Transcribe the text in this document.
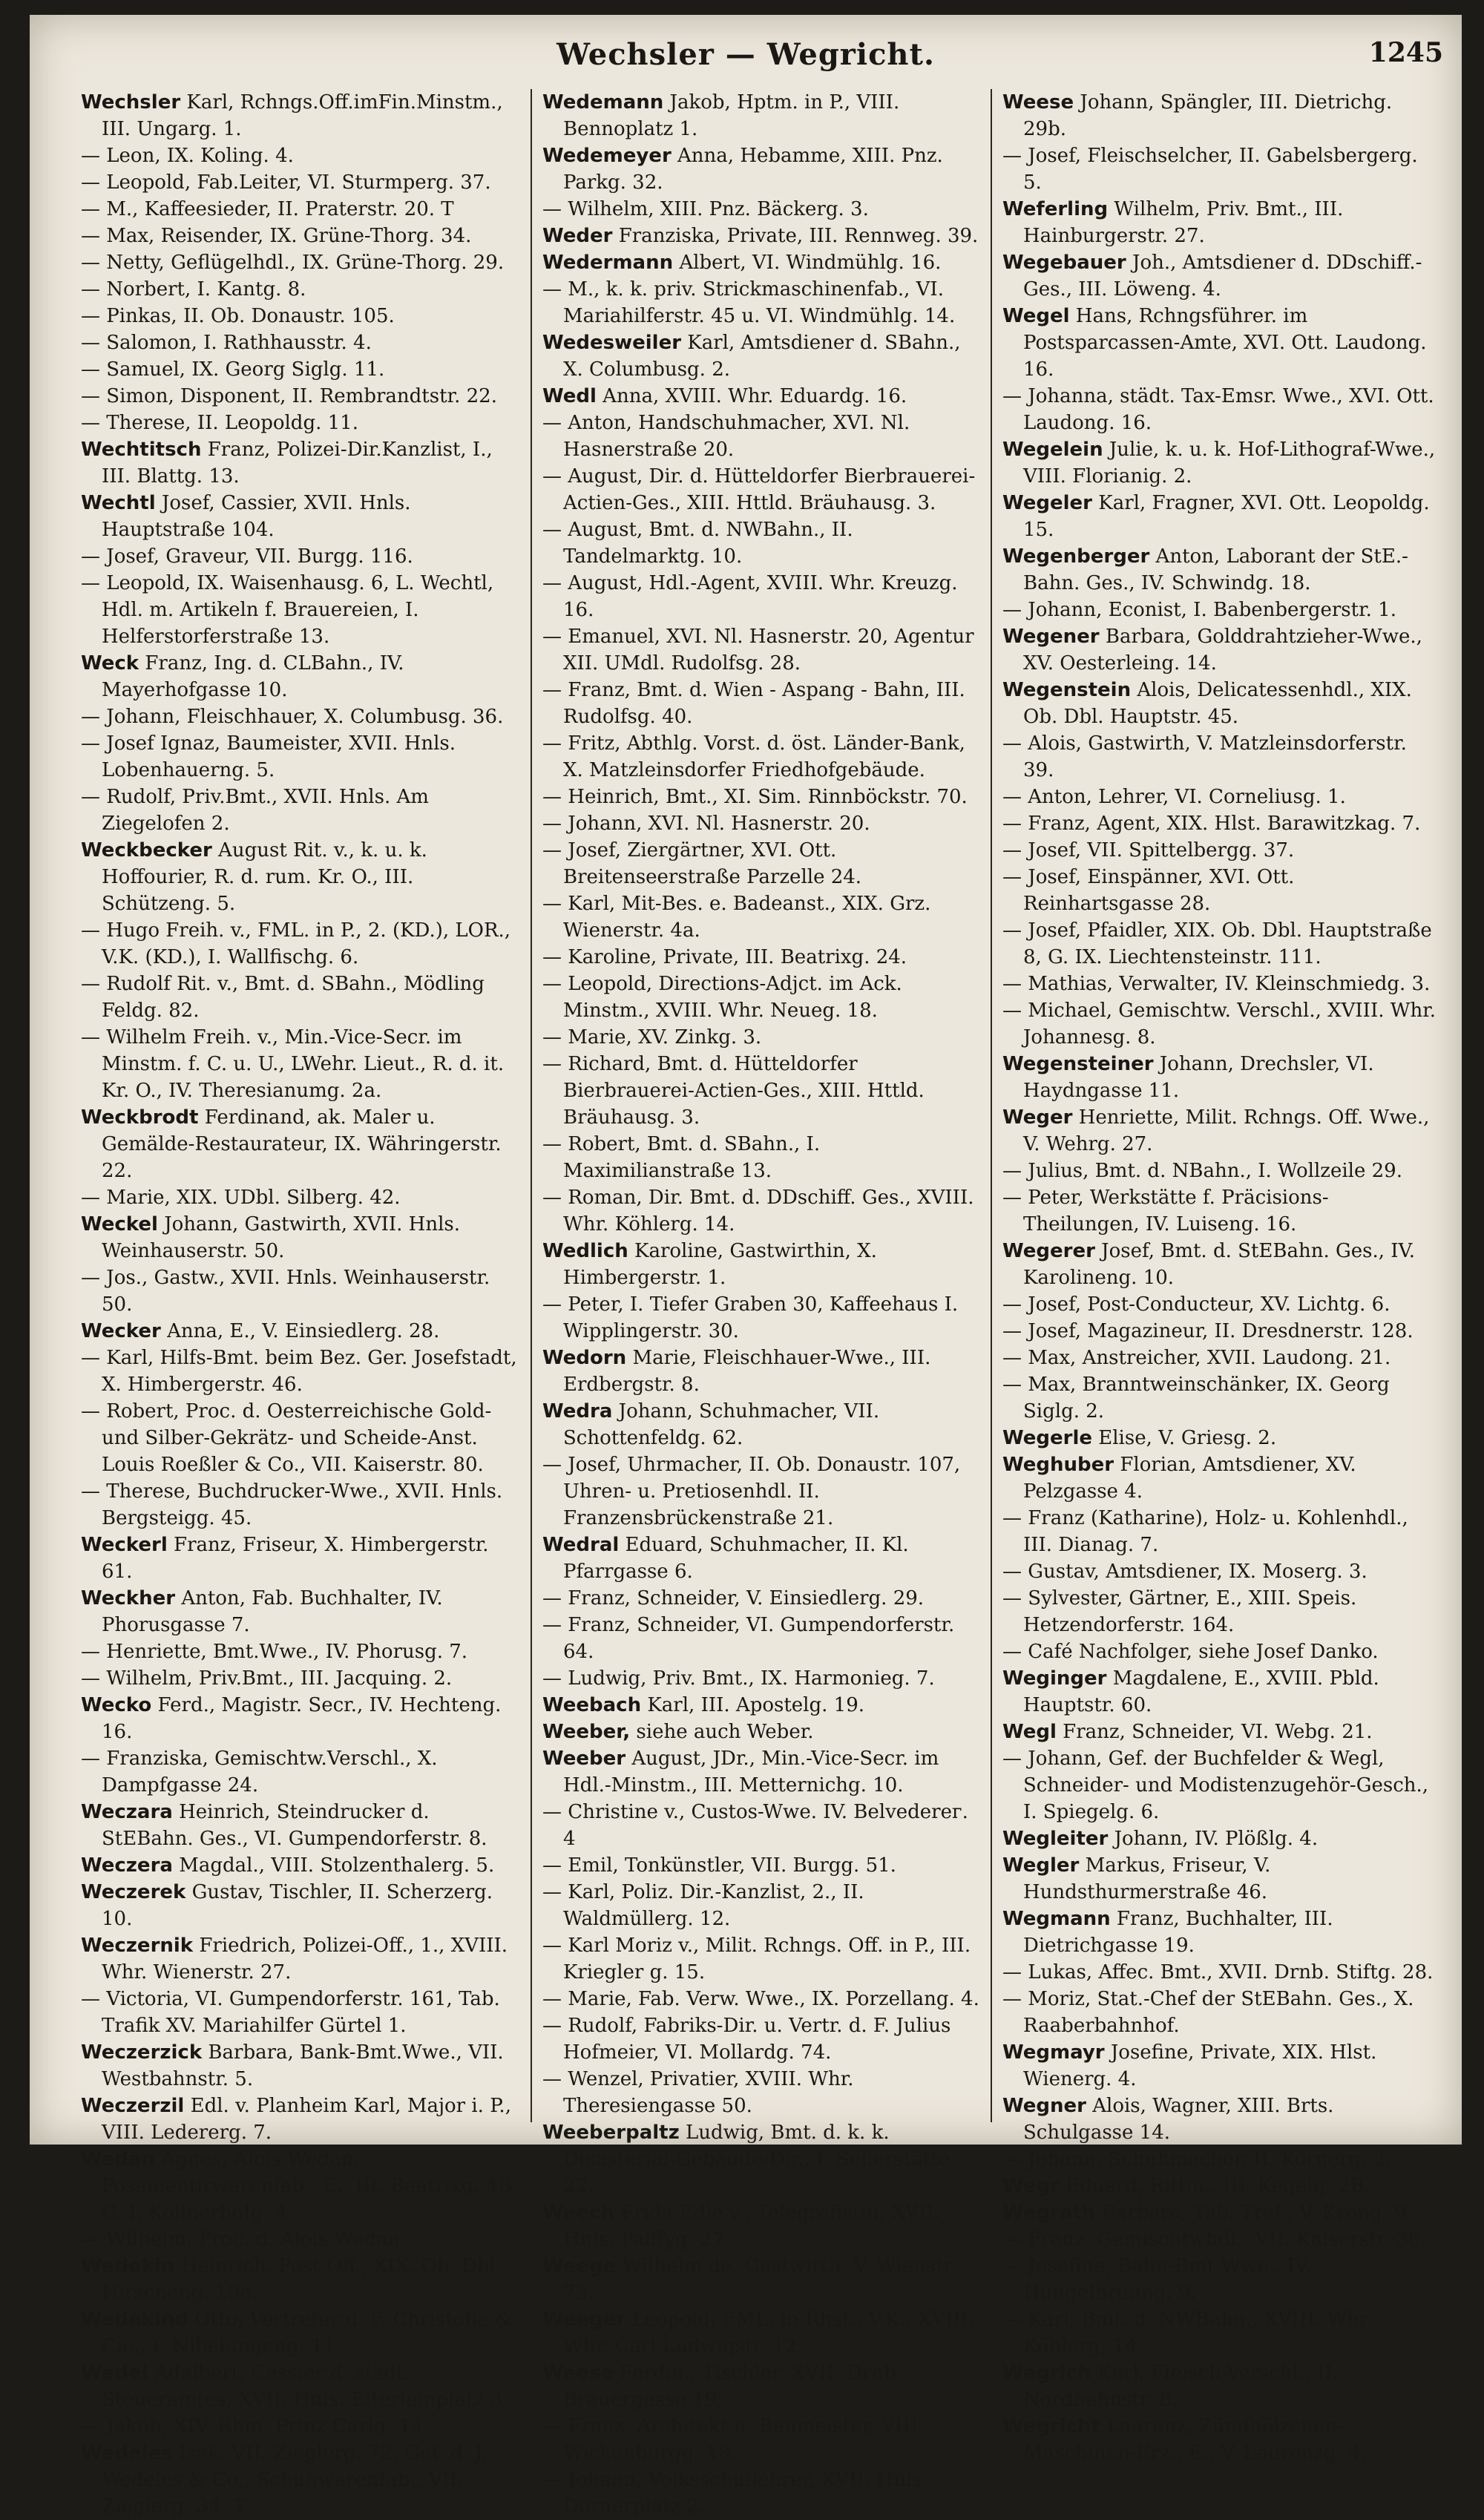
Wechsler — Wegricht.	1245
Wechsler Karl, Rchngs.Off.imFin.Minstm., III. Ungarg. 1.
— Leon, IX. Koling. 4.
— Leopold, Fab.Leiter, VI. Sturmperg. 37.
— M., Kaffeesieder, II. Praterstr. 20. T
— Max, Reisender, IX. Grüne-Thorg. 34.
— Netty, Geflügelhdl., IX. Grüne-Thorg. 29.
— Norbert, I. Kantg. 8.
— Pinkas, II. Ob. Donaustr. 105.
— Salomon, I. Rathhausstr. 4.
— Samuel, IX. Georg Siglg. 11.
— Simon, Disponent, II. Rembrandtstr. 22.
— Therese, II. Leopoldg. 11.
Wechtitsch Franz, Polizei-Dir.Kanzlist, I., III. Blattg. 13.
Wechtl Josef, Cassier, XVII. Hnls. Hauptstraße 104.
— Josef, Graveur, VII. Burgg. 116.
— Leopold, IX. Waisenhausg. 6, L. Wechtl, Hdl. m. Artikeln f. Brauereien, I. Helferstorferstraße 13.
Weck Franz, Ing. d. CLBahn., IV. Mayerhofgasse 10.
— Johann, Fleischhauer, X. Columbusg. 36.
— Josef Ignaz, Baumeister, XVII. Hnls. Lobenhauerng. 5.
— Rudolf, Priv.Bmt., XVII. Hnls. Am Ziegelofen 2.
Weckbecker August Rit. v., k. u. k. Hoffourier, R. d. rum. Kr. O., III. Schützeng. 5.
— Hugo Freih. v., FML. in P., 2. (KD.), LOR., V.K. (KD.), I. Wallfischg. 6.
— Rudolf Rit. v., Bmt. d. SBahn., Mödling Feldg. 82.
— Wilhelm Freih. v., Min.-Vice-Secr. im Minstm. f. C. u. U., LWehr. Lieut., R. d. it. Kr. O., IV. Theresianumg. 2a.
Weckbrodt Ferdinand, ak. Maler u. Gemälde-Restaurateur, IX. Währingerstr. 22.
— Marie, XIX. UDbl. Silberg. 42.
Weckel Johann, Gastwirth, XVII. Hnls. Weinhauserstr. 50.
— Jos., Gastw., XVII. Hnls. Weinhauserstr. 50.
Wecker Anna, E., V. Einsiedlerg. 28.
— Karl, Hilfs-Bmt. beim Bez. Ger. Josefstadt, X. Himbergerstr. 46.
— Robert, Proc. d. Oesterreichische Gold- und Silber-Gekrätz- und Scheide-Anst. Louis Roeßler & Co., VII. Kaiserstr. 80.
— Therese, Buchdrucker-Wwe., XVII. Hnls. Bergsteigg. 45.
Weckerl Franz, Friseur, X. Himbergerstr. 61.
Weckher Anton, Fab. Buchhalter, IV. Phorusgasse 7.
— Henriette, Bmt.Wwe., IV. Phorusg. 7.
— Wilhelm, Priv.Bmt., III. Jacquing. 2.
Wecko Ferd., Magistr. Secr., IV. Hechteng. 16.
— Franziska, Gemischtw.Verschl., X. Dampfgasse 24.
Weczara Heinrich, Steindrucker d. StEBahn. Ges., VI. Gumpendorferstr. 8.
Weczera Magdal., VIII. Stolzenthalerg. 5.
Weczerek Gustav, Tischler, II. Scherzerg. 10.
Weczernik Friedrich, Polizei-Off., 1., XVIII. Whr. Wienerstr. 27.
— Victoria, VI. Gumpendorferstr. 161, Tab. Trafik XV. Mariahilfer Gürtel 1.
Weczerzick Barbara, Bank-Bmt.Wwe., VII. Westbahnstr. 5.
Weczerzil Edl. v. Planheim Karl, Major i. P., VIII. Ledererg. 7.
Wedan Agnes, Alois Wedan, Posamentirwarenfab., E., III. Beatrixg. 4B, G. I. Köllnerhofg. 4.
— Wilhelm, Proc. d. Alois Wedan.
Wedekin Heinrich, Post-Off., XIX. Ob. Dbl. Hirscheng. 19a.
Wedekind Otto, Vertreter d. F. Christofle & Cie., I. Nibelungeng. 11.
Wedel Adalbert, Cassier d. städt. Steueramtes, XVII. Hnls. Elterleinplatz 3
— Jakob, XIV. Rhm. Prinz Carlg. 14.
Wedeles Isak, VII. Zieglerg. 72, Gef. d. J. Wedeles & Co., Schuhwarenfab., VII. Zieglerg. 34. T
Wedemann Jakob, Hptm. in P., VIII. Bennoplatz 1.
Wedemeyer Anna, Hebamme, XIII. Pnz. Parkg. 32.
— Wilhelm, XIII. Pnz. Bäckerg. 3.
Weder Franziska, Private, III. Rennweg. 39.
Wedermann Albert, VI. Windmühlg. 16.
— M., k. k. priv. Strickmaschinenfab., VI. Mariahilferstr. 45 u. VI. Windmühlg. 14.
Wedesweiler Karl, Amtsdiener d. SBahn., X. Columbusg. 2.
Wedl Anna, XVIII. Whr. Eduardg. 16.
— Anton, Handschuhmacher, XVI. Nl. Hasnerstraße 20.
— August, Dir. d. Hütteldorfer Bierbrauerei-Actien-Ges., XIII. Httld. Bräuhausg. 3.
— August, Bmt. d. NWBahn., II. Tandelmarktg. 10.
— August, Hdl.-Agent, XVIII. Whr. Kreuzg. 16.
— Emanuel, XVI. Nl. Hasnerstr. 20, Agentur XII. UMdl. Rudolfsg. 28.
— Franz, Bmt. d. Wien - Aspang - Bahn, III. Rudolfsg. 40.
— Fritz, Abthlg. Vorst. d. öst. Länder-Bank, X. Matzleinsdorfer Friedhofgebäude.
— Heinrich, Bmt., XI. Sim. Rinnböckstr. 70.
— Johann, XVI. Nl. Hasnerstr. 20.
— Josef, Ziergärtner, XVI. Ott. Breitenseerstraße Parzelle 24.
— Karl, Mit-Bes. e. Badeanst., XIX. Grz. Wienerstr. 4a.
— Karoline, Private, III. Beatrixg. 24.
— Leopold, Directions-Adjct. im Ack. Minstm., XVIII. Whr. Neueg. 18.
— Marie, XV. Zinkg. 3.
— Richard, Bmt. d. Hütteldorfer Bierbrauerei-Actien-Ges., XIII. Httld. Bräuhausg. 3.
— Robert, Bmt. d. SBahn., I. Maximilianstraße 13.
— Roman, Dir. Bmt. d. DDschiff. Ges., XVIII. Whr. Köhlerg. 14.
Wedlich Karoline, Gastwirthin, X. Himbergerstr. 1.
— Peter, I. Tiefer Graben 30, Kaffeehaus I. Wipplingerstr. 30.
Wedorn Marie, Fleischhauer-Wwe., III. Erdbergstr. 8.
Wedra Johann, Schuhmacher, VII. Schottenfeldg. 62.
— Josef, Uhrmacher, II. Ob. Donaustr. 107, Uhren- u. Pretiosenhdl. II. Franzensbrückenstraße 21.
Wedral Eduard, Schuhmacher, II. Kl. Pfarrgasse 6.
— Franz, Schneider, V. Einsiedlerg. 29.
— Franz, Schneider, VI. Gumpendorferstr. 64.
— Ludwig, Priv. Bmt., IX. Harmonieg. 7.
Weebach Karl, III. Apostelg. 19.
Weeber, siehe auch Weber.
Weeber August, JDr., Min.-Vice-Secr. im Hdl.-Minstm., III. Metternichg. 10.
— Christine v., Custos-Wwe. IV. Belvederег. 4
— Emil, Tonkünstler, VII. Burgg. 51.
— Karl, Poliz. Dir.-Kanzlist, 2., II. Waldmüllerg. 12.
— Karl Moriz v., Milit. Rchngs. Off. in P., III. Kriegler g. 15.
— Marie, Fab. Verw. Wwe., IX. Porzellang. 4.
— Rudolf, Fabriks-Dir. u. Vertr. d. F. Julius Hofmeier, VI. Mollardg. 74.
— Wenzel, Privatier, XVIII. Whr. Theresiengasse 50.
Weeberpaltz Ludwig, Bmt. d. k. k. Dicasterial-Gebäude-Dir., I. Seilerstätte 22.
Weech Frida Edle v., Telegrafistin, XVII. Hnls. Palffyg. 27.
Weege Wilhelm de, Gastwirth, V. Wienstr. 73.
Weeger Leopold, FML. in Rhst., V.K., XVIII. Whr. Carl Ludwigstr. 12.
Weese Ferdin., Tischler, XVII. Drnb. Brauergasse 19.
— Franz, Architekt u. Baumeister, VIII. Wickenburgg. 18.
— Johann, Volksschullehrer, XVII. Hnls. Dornerplatz 2.
Weese Johann, Spängler, III. Dietrichg. 29b.
— Josef, Fleischselcher, II. Gabelsbergerg. 5.
Weferling Wilhelm, Priv. Bmt., III. Hainburgerstr. 27.
Wegebauer Joh., Amtsdiener d. DDschiff.-Ges., III. Löweng. 4.
Wegel Hans, Rchngsführer. im Postsparcassen-Amte, XVI. Ott. Laudong. 16.
— Johanna, städt. Tax-Emsr. Wwe., XVI. Ott. Laudong. 16.
Wegelein Julie, k. u. k. Hof-Lithograf-Wwe., VIII. Florianig. 2.
Wegeler Karl, Fragner, XVI. Ott. Leopoldg. 15.
Wegenberger Anton, Laborant der StE.-Bahn. Ges., IV. Schwindg. 18.
— Johann, Econist, I. Babenbergerstr. 1.
Wegener Barbara, Golddrahtzieher-Wwe., XV. Oesterleing. 14.
Wegenstein Alois, Delicatessenhdl., XIX. Ob. Dbl. Hauptstr. 45.
— Alois, Gastwirth, V. Matzleinsdorferstr. 39.
— Anton, Lehrer, VI. Corneliusg. 1.
— Franz, Agent, XIX. Hlst. Barawitzkag. 7.
— Josef, VII. Spittelbergg. 37.
— Josef, Einspänner, XVI. Ott. Reinhartsgasse 28.
— Josef, Pfaidler, XIX. Ob. Dbl. Hauptstraße 8, G. IX. Liechtensteinstr. 111.
— Mathias, Verwalter, IV. Kleinschmiedg. 3.
— Michael, Gemischtw. Verschl., XVIII. Whr. Johannesg. 8.
Wegensteiner Johann, Drechsler, VI. Haydngasse 11.
Weger Henriette, Milit. Rchngs. Off. Wwe., V. Wehrg. 27.
— Julius, Bmt. d. NBahn., I. Wollzeile 29.
— Peter, Werkstätte f. Präcisions-Theilungen, IV. Luiseng. 16.
Wegerer Josef, Bmt. d. StEBahn. Ges., IV. Karolineng. 10.
— Josef, Post-Conducteur, XV. Lichtg. 6.
— Josef, Magazineur, II. Dresdnerstr. 128.
— Max, Anstreicher, XVII. Laudong. 21.
— Max, Branntweinschänker, IX. Georg Siglg. 2.
Wegerle Elise, V. Griesg. 2.
Weghuber Florian, Amtsdiener, XV. Pelzgasse 4.
— Franz (Katharine), Holz- u. Kohlenhdl., III. Dianag. 7.
— Gustav, Amtsdiener, IX. Moserg. 3.
— Sylvester, Gärtner, E., XIII. Speis. Hetzendorferstr. 164.
— Café Nachfolger, siehe Josef Danko.
Weginger Magdalene, E., XVIII. Pbld. Hauptstr. 60.
Wegl Franz, Schneider, VI. Webg. 21.
— Johann, Gef. der Buchfelder & Wegl, Schneider- und Modistenzugehör-Gesch., I. Spiegelg. 6.
Wegleiter Johann, IV. Plößlg. 4.
Wegler Markus, Friseur, V. Hundsthurmerstraße 46.
Wegmann Franz, Buchhalter, III. Dietrichgasse 19.
— Lukas, Affec. Bmt., XVII. Drnb. Stiftg. 28.
— Moriz, Stat.-Chef der StEBahn. Ges., X. Raaberbahnhof.
Wegmayr Josefine, Private, XIX. Hlst. Wienerg. 4.
Wegner Alois, Wagner, XIII. Brts. Schulgasse 14.
— Johann, Schuhmacher, II. Körnerg. 2.
Wegr Eduard, Rittm., III. Kegelg. 2B.
Wegrath Barbara, Tab. Traf., V. Krong. 9.
— Franz, Gemischtwhdl., VII. Kaiserstr. 36.
— Josefine, Bahn-Bmt.Wwe., IV. Hungelbrunng. 9.
— Karl, Bmt. d. NWBahn., XVIII. Whr. Köhlerg. 14.
Wegrich Karl, Fleisch-Verschl., II. Nordbahnstr. 8.
Wegricht Laurenz, Zündhölzchen-Maschinen-Erz., E., V. Laurenzg. 4.
